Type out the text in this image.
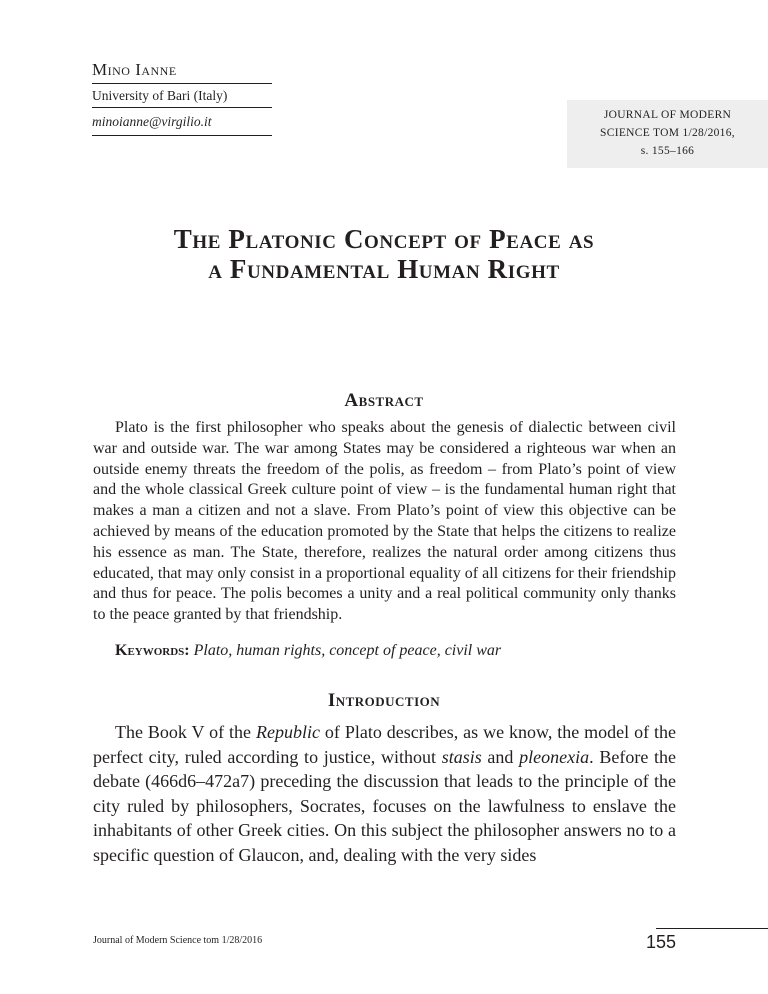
Mino Ianne
University of Bari (Italy)
minoianne@virgilio.it	JOURNAL OF MODERN
SCIENCE TOM 1/28/2016,
s. 155–166
The Platonic Concept of Peace as
a Fundamental Human Right
Abstract

Plato is the first philosopher who speaks about the genesis of dialectic between civil war and outside war. The war among States may be considered a righteous war when an outside enemy threats the freedom of the polis, as freedom – from Plato’s point of view and the whole classical Greek culture point of view – is the fundamental human right that makes a man a citizen and not a slave. From Plato’s point of view this objective can be achieved by means of the education promoted by the State that helps the citizens to realize his essence as man. The State, therefore, realizes the natural order among citizens thus educated, that may only consist in a proportional equality of all citizens for their friendship and thus for peace. The polis becomes a unity and a real political community only thanks to the peace granted by that friendship.

Keywords: Plato, human rights, concept of peace, civil war

Introduction

The Book V of the Republic of Plato describes, as we know, the model of the perfect city, ruled according to justice, without stasis and pleonexia. Before the debate (466d6–472a7) preceding the discussion that leads to the principle of the city ruled by philosophers, Socrates, focuses on the lawfulness to enslave the inhabitants of other Greek cities. On this subject the philosopher answers no to a specific question of Glaucon, and, dealing with the very sides

Journal of Modern Science tom 1/28/2016	155
